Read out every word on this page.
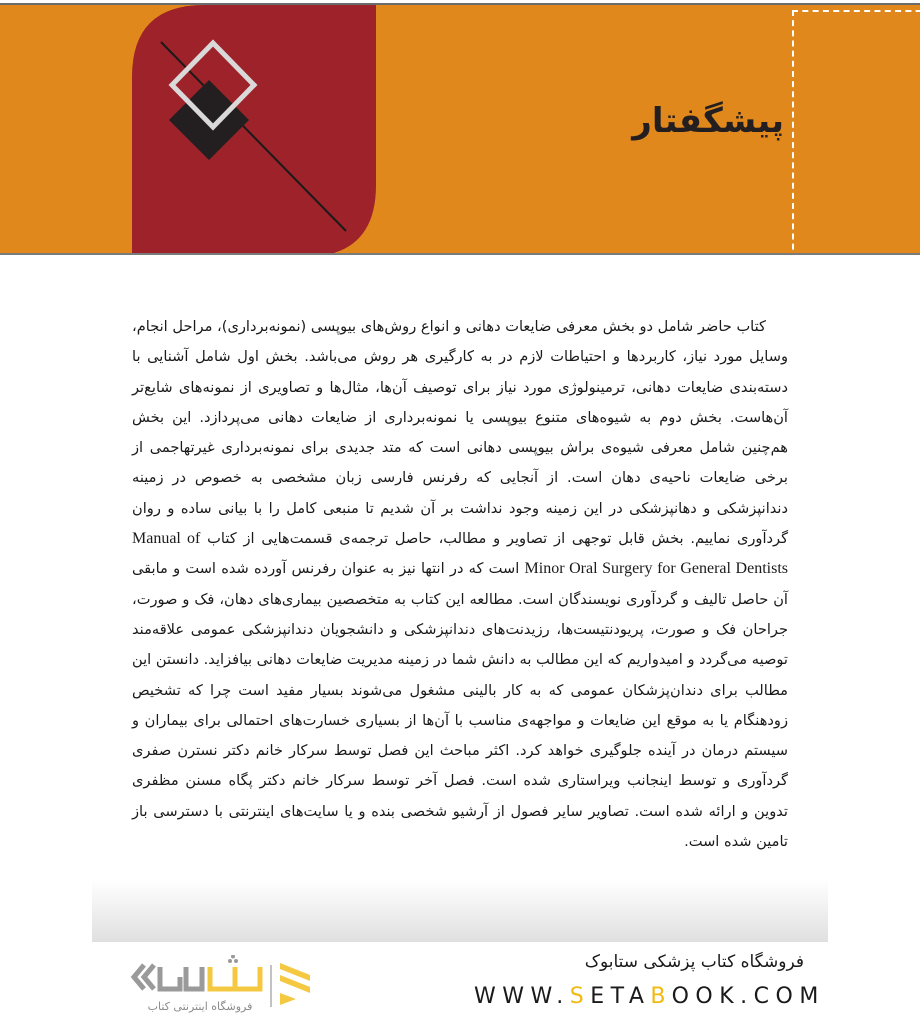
پیشگفتار

کتاب حاضر شامل دو بخش معرفی ضایعات دهانی و انواع روش‌های بیوپسی (نمونه‌برداری)، مراحل انجام، وسایل مورد نیاز، کاربردها و احتیاطات لازم در به کارگیری هر روش می‌باشد. بخش اول شامل آشنایی با دسته‌بندی ضایعات دهانی، ترمینولوژی مورد نیاز برای توصیف آن‌ها، مثال‌ها و تصاویری از نمونه‌های شایع‌تر آن‌هاست. بخش دوم به شیوه‌های متنوع بیوپسی یا نمونه‌برداری از ضایعات دهانی می‌پردازد. این بخش هم‌چنین شامل معرفی شیوه‌ی براش بیوپسی دهانی است که متد جدیدی برای نمونه‌برداری غیرتهاجمی از برخی ضایعات ناحیه‌ی دهان است. از آنجایی که رفرنس فارسی زبان مشخصی به خصوص در زمینه دندانپزشکی و دهانپزشکی در این زمینه وجود نداشت بر آن شدیم تا منبعی کامل را با بیانی ساده و روان گردآوری نماییم. بخش قابل توجهی از تصاویر و مطالب، حاصل ترجمه‌ی قسمت‌هایی از کتاب Manual of Minor Oral Surgery for General Dentists است که در انتها نیز به عنوان رفرنس آورده شده است و مابقی آن حاصل تالیف و گردآوری نویسندگان است. مطالعه این کتاب به متخصصین بیماری‌های دهان، فک و صورت، جراحان فک و صورت، پریودنتیست‌ها، رزیدنت‌های دندانپزشکی و دانشجویان دندانپزشکی عمومی علاقه‌مند توصیه می‌گردد و امیدواریم که این مطالب به دانش شما در زمینه مدیریت ضایعات دهانی بیافزاید. دانستن این مطالب برای دندان‌پزشکان عمومی که به کار بالینی مشغول می‌شوند بسیار مفید است چرا که تشخیص زودهنگام یا به موقع این ضایعات و مواجهه‌ی مناسب با آن‌ها از بسیاری خسارت‌های احتمالی برای بیماران و سیستم درمان در آینده جلوگیری خواهد کرد. اکثر مباحث این فصل توسط سرکار خانم دکتر نسترن صفری گردآوری و توسط اینجانب ویراستاری شده است. فصل آخر توسط سرکار خانم دکتر پگاه مسنن مظفری تدوین و ارائه شده است. تصاویر سایر فصول از آرشیو شخصی بنده و یا سایت‌های اینترنتی با دسترسی باز تامین شده است.

فروشگاه اینترنتی کتاب
فروشگاه کتاب پزشکی ستابوک
WWW.SETABOOK.COM
